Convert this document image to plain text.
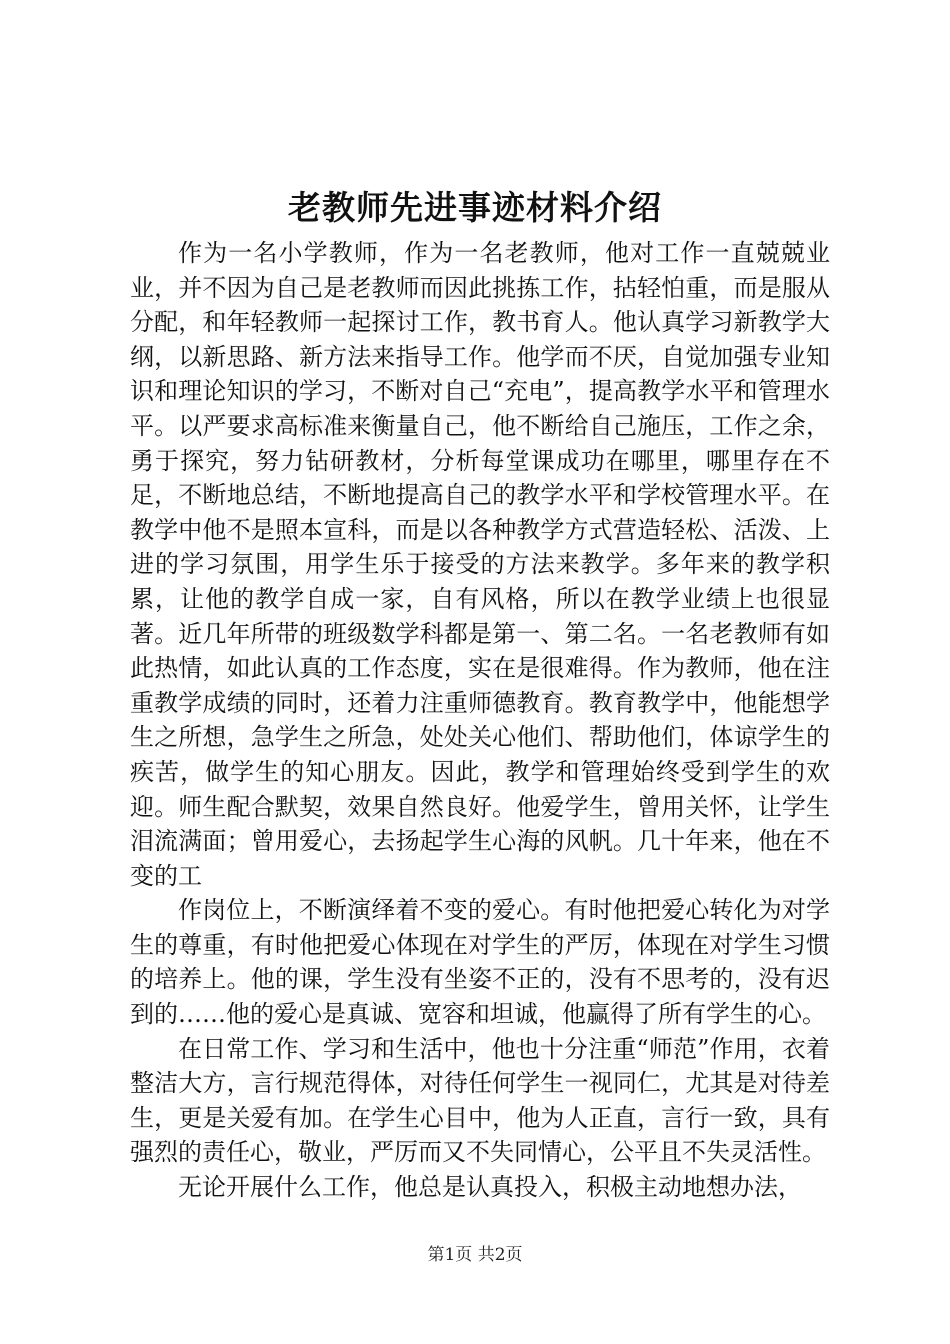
老教师先进事迹材料介绍

作为一名小学教师，作为一名老教师，他对工作一直兢兢业业，并不因为自己是老教师而因此挑拣工作，拈轻怕重，而是服从分配，和年轻教师一起探讨工作，教书育人。他认真学习新教学大纲，以新思路、新方法来指导工作。他学而不厌，自觉加强专业知识和理论知识的学习，不断对自己“充电”，提高教学水平和管理水平。以严要求高标准来衡量自己，他不断给自己施压，工作之余，勇于探究，努力钻研教材，分析每堂课成功在哪里，哪里存在不足，不断地总结，不断地提高自己的教学水平和学校管理水平。在教学中他不是照本宣科，而是以各种教学方式营造轻松、活泼、上进的学习氛围，用学生乐于接受的方法来教学。多年来的教学积累，让他的教学自成一家，自有风格，所以在教学业绩上也很显著。近几年所带的班级数学科都是第一、第二名。一名老教师有如此热情，如此认真的工作态度，实在是很难得。作为教师，他在注重教学成绩的同时，还着力注重师德教育。教育教学中，他能想学生之所想，急学生之所急，处处关心他们、帮助他们，体谅学生的疾苦，做学生的知心朋友。因此，教学和管理始终受到学生的欢迎。师生配合默契，效果自然良好。他爱学生，曾用关怀，让学生泪流满面；曾用爱心，去扬起学生心海的风帆。几十年来，他在不变的工

作岗位上，不断演绎着不变的爱心。有时他把爱心转化为对学生的尊重，有时他把爱心体现在对学生的严厉，体现在对学生习惯的培养上。他的课，学生没有坐姿不正的，没有不思考的，没有迟到的……他的爱心是真诚、宽容和坦诚，他赢得了所有学生的心。

在日常工作、学习和生活中，他也十分注重“师范”作用，衣着整洁大方，言行规范得体，对待任何学生一视同仁，尤其是对待差生，更是关爱有加。在学生心目中，他为人正直，言行一致，具有强烈的责任心，敬业，严厉而又不失同情心，公平且不失灵活性。

无论开展什么工作，他总是认真投入，积极主动地想办法，

第1页 共2页
